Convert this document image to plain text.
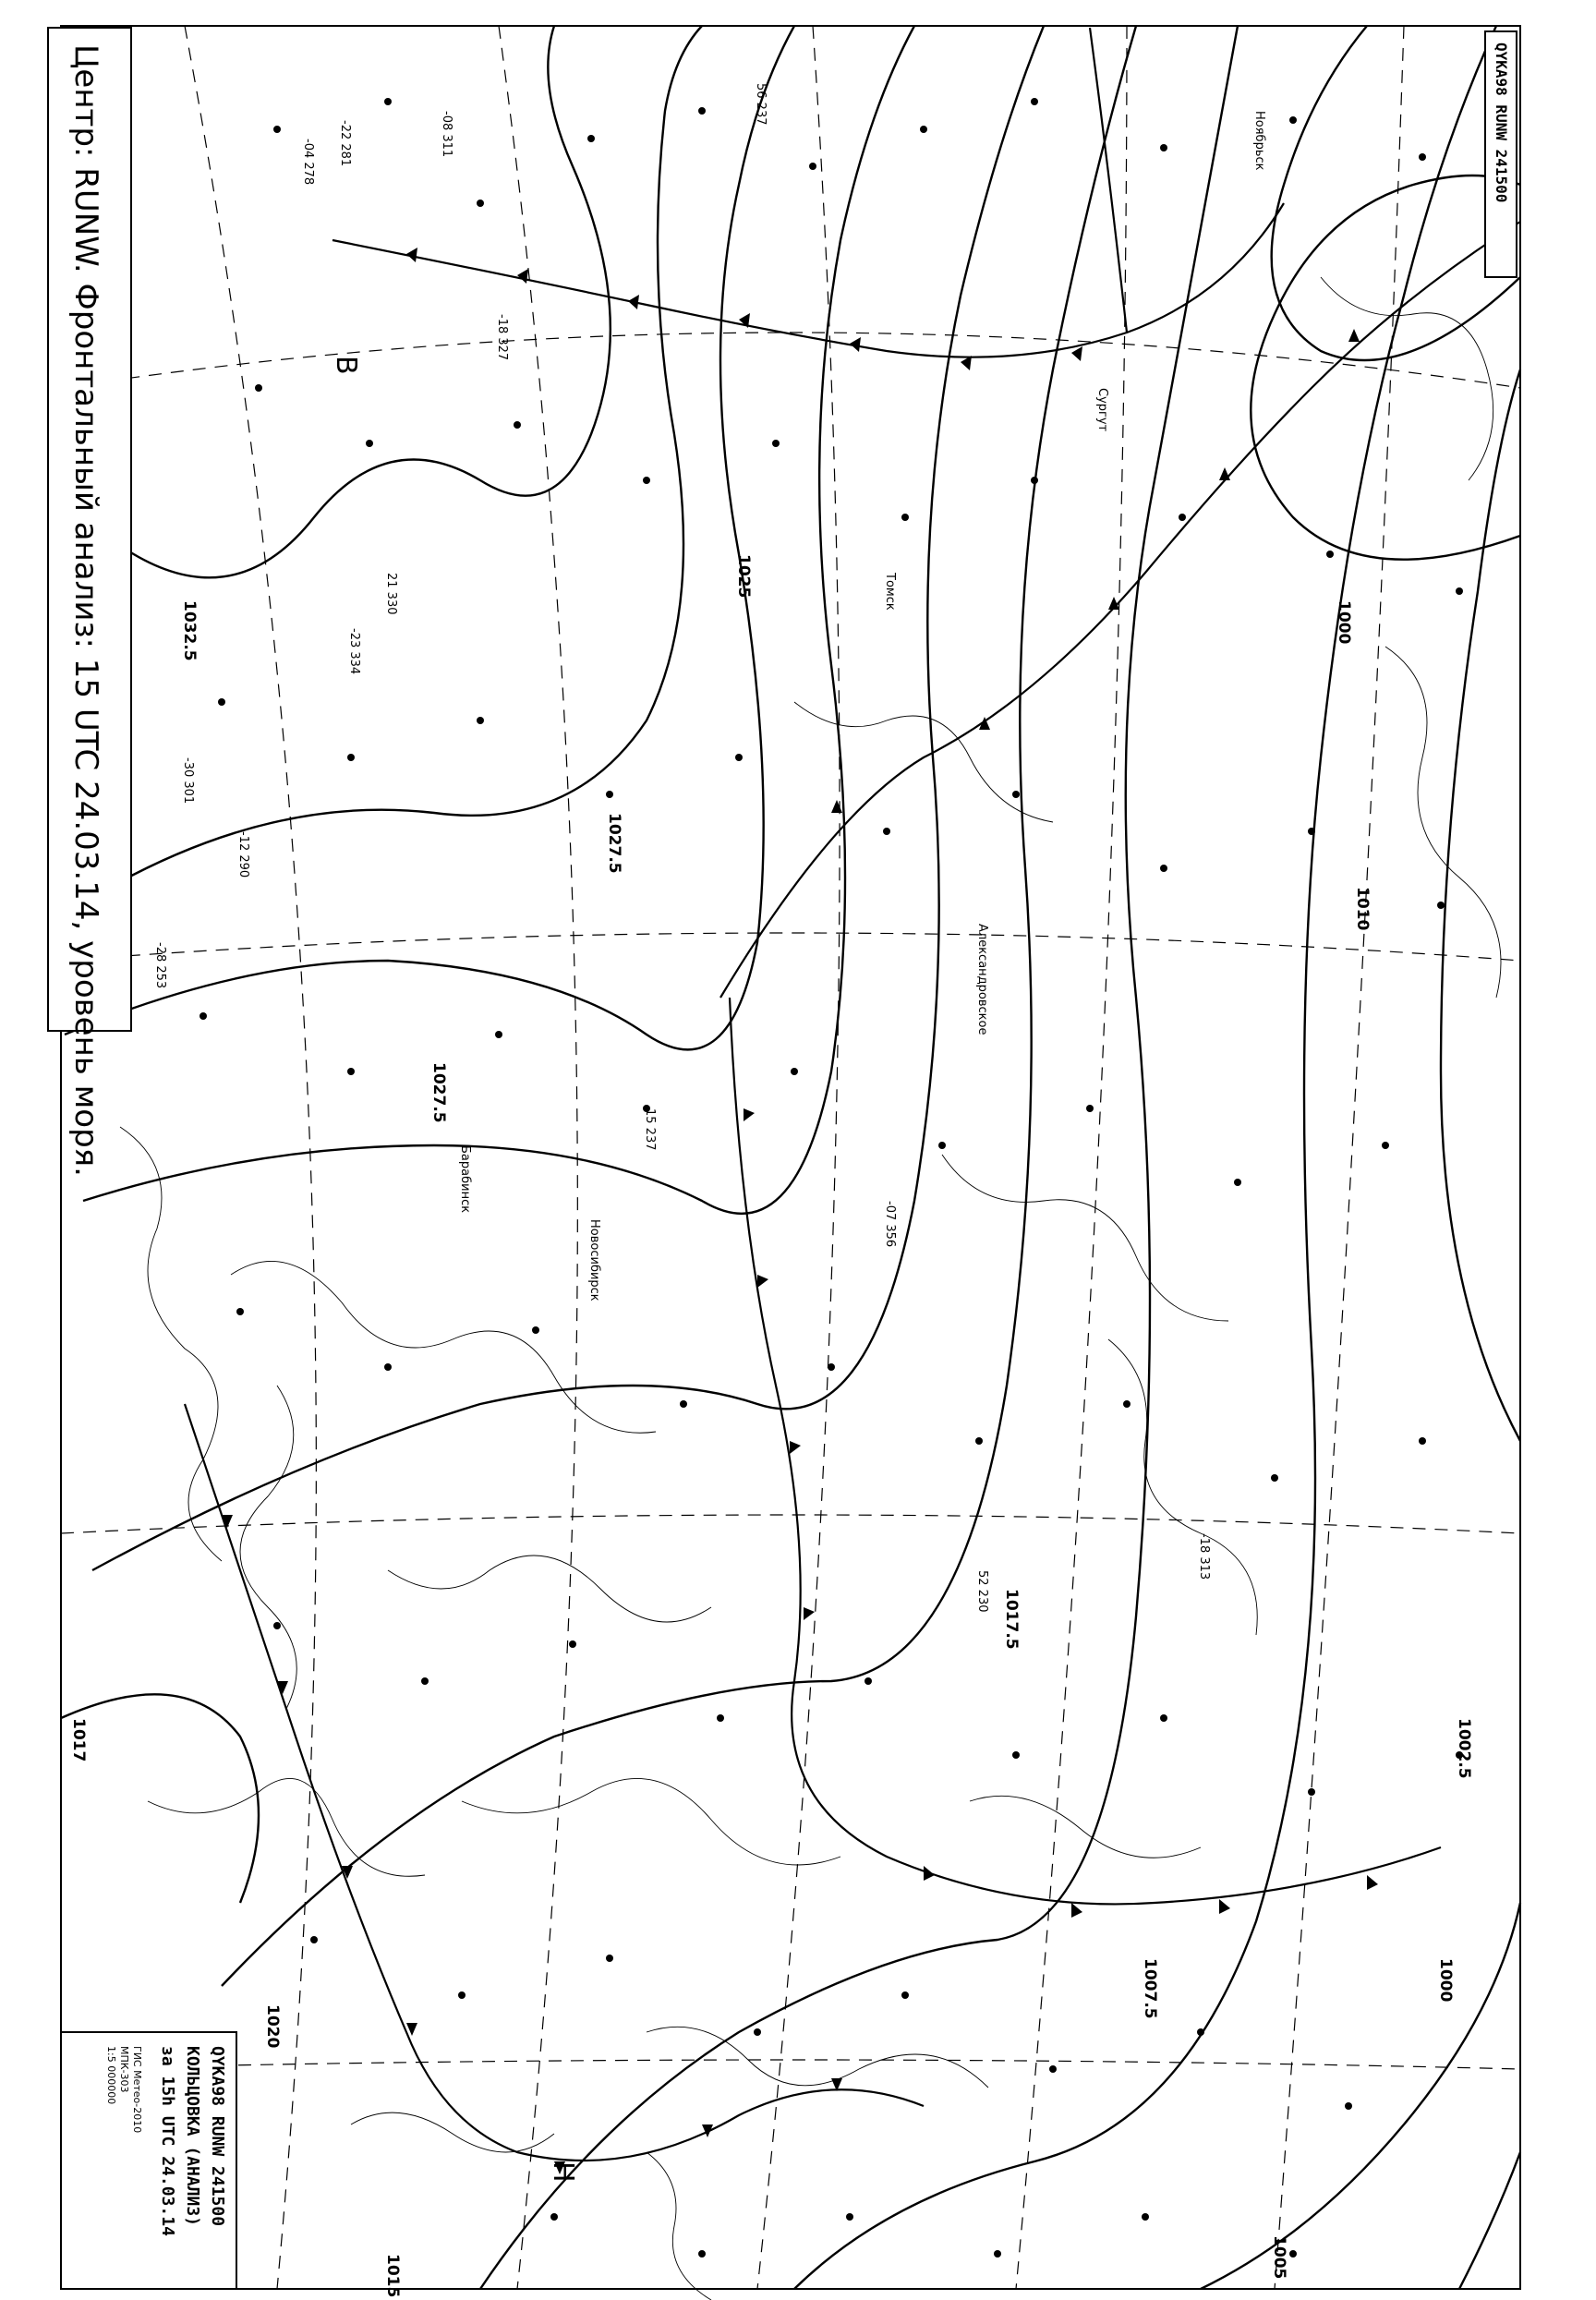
-04 278 -22 281	-08 311
56 237
-18 327
21 330
-23 334
-30 301
-12 290
-28 253
15 237
-07 356
52 230
-18 313
Сургут
Ноябрьск
Новосибирск
Александровское
Томск
Барабинск
1032.5
1027.5
1025
1027.5
1020
1017.5
1010
1005
1002.5
1000
1000
1007.5
1015
1017
В
Н
Центр: RUNW. Фронтальный анализ: 15 UTC 24.03.14, уровень моря.	QYKA98 RUNW 241500
QYKA98 RUNW 241500
КОЛЬЦОВКА (АНАЛИЗ)
за 15h UTC 24.03.14
ГИС Метео-2010
МПК-303
1:5 000000
